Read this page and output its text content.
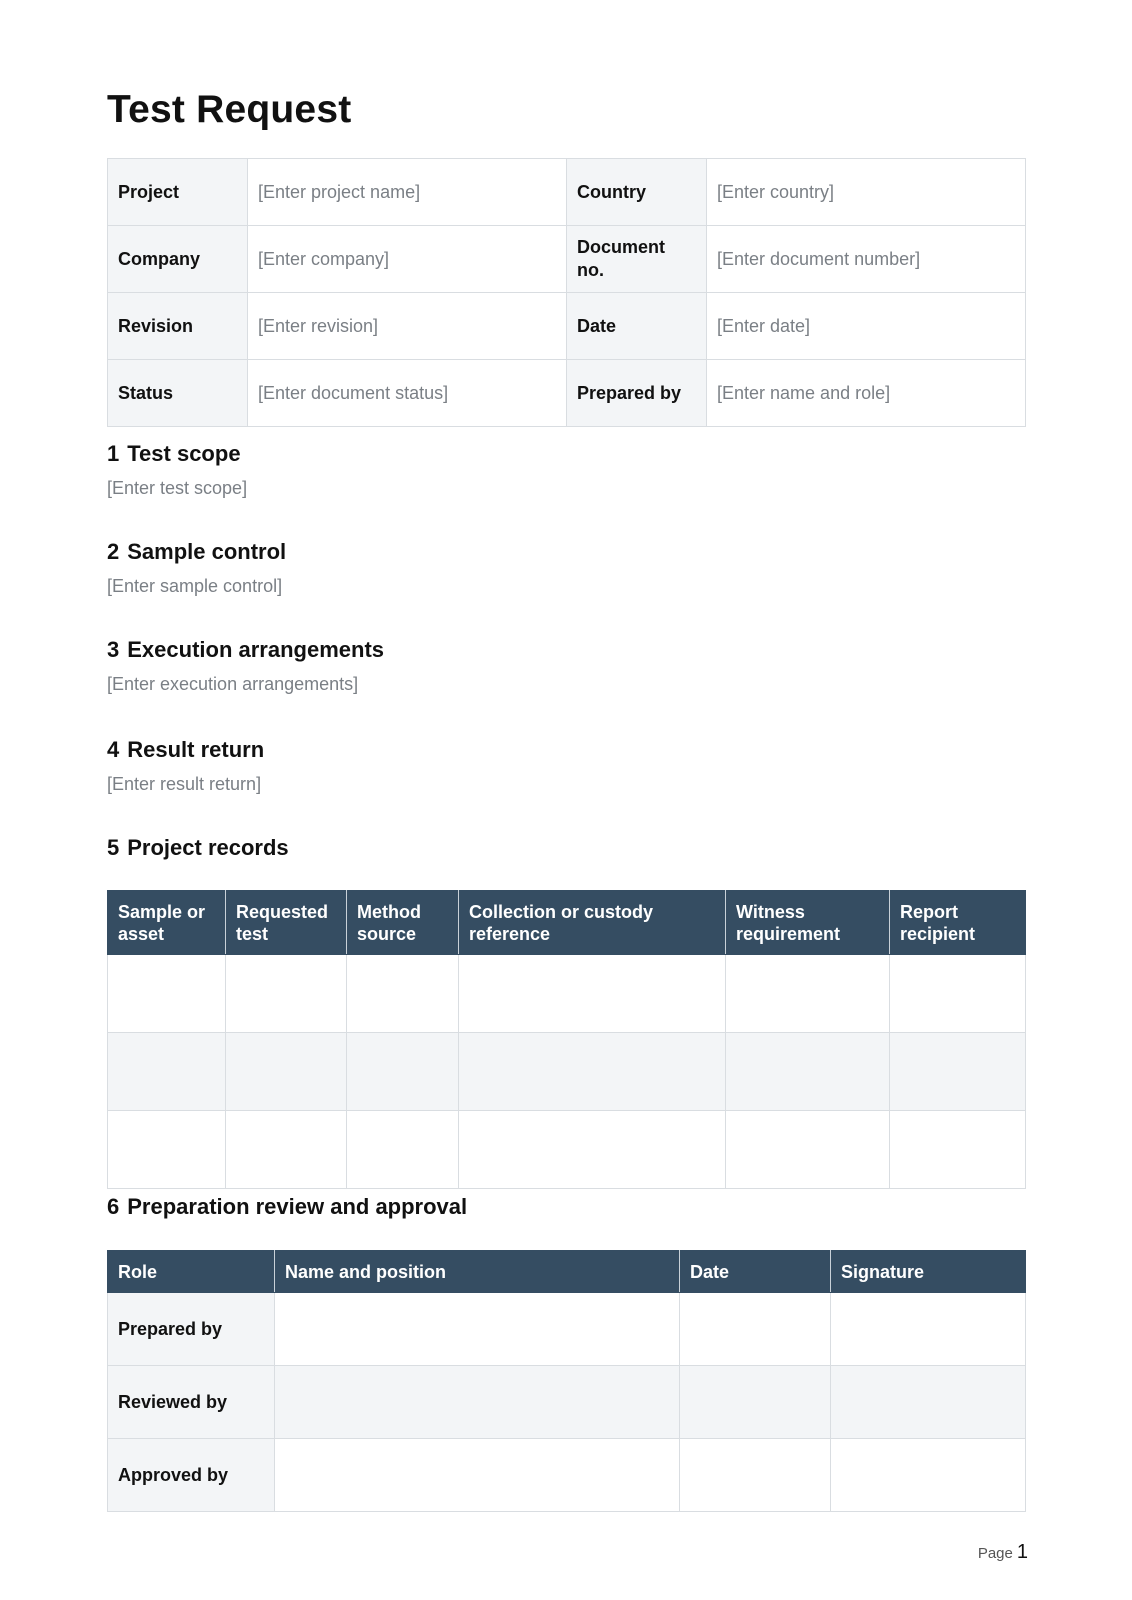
Test Request
Project	[Enter project name]	Country	[Enter country]
Company	[Enter company]	Document no.	[Enter document number]
Revision	[Enter revision]	Date	[Enter date]
Status	[Enter document status]	Prepared by	[Enter name and role]
1 Test scope
[Enter test scope]
2 Sample control
[Enter sample control]
3 Execution arrangements
[Enter execution arrangements]
4 Result return
[Enter result return]
5 Project records
Sample or asset	Requested test	Method source	Collection or custody reference	Witness requirement	Report recipient

6 Preparation review and approval
Role	Name and position	Date	Signature
Prepared by			
Reviewed by			
Approved by			
Page 1
